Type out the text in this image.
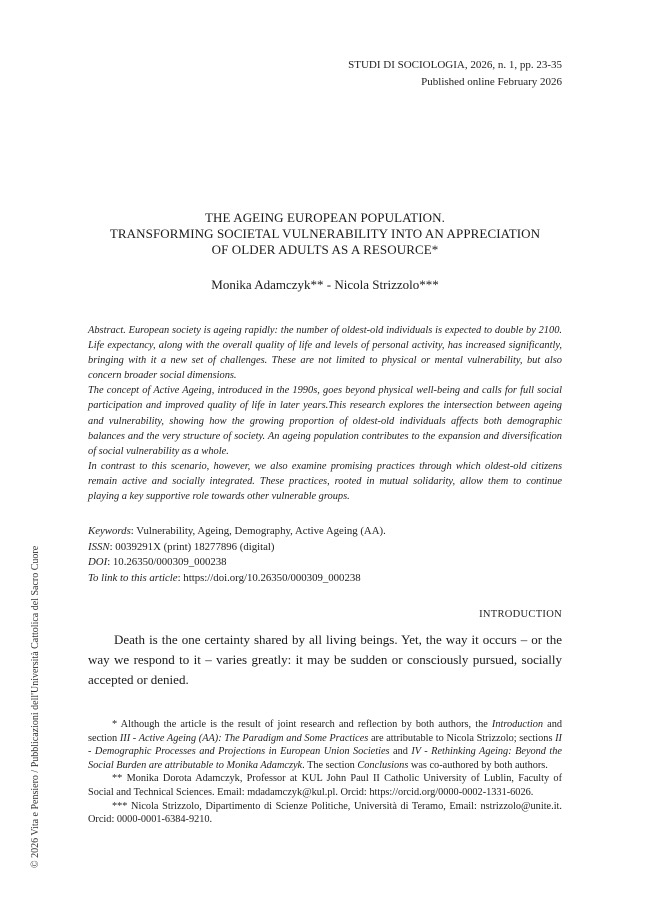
STUDI DI SOCIOLOGIA, 2026, n. 1, pp. 23-35
Published online February 2026
THE AGEING EUROPEAN POPULATION.
TRANSFORMING SOCIETAL VULNERABILITY INTO AN APPRECIATION
OF OLDER ADULTS AS A RESOURCE*
Monika Adamczyk** - Nicola Strizzolo***

Abstract. European society is ageing rapidly: the number of oldest-old individuals is expected to double by 2100. Life expectancy, along with the overall quality of life and levels of personal activity, has increased significantly, bringing with it a new set of challenges. These are not limited to physical or mental vulnerability, but also concern broader social dimensions.

The concept of Active Ageing, introduced in the 1990s, goes beyond physical well-being and calls for full social participation and improved quality of life in later years.This research explores the intersection between ageing and vulnerability, showing how the growing proportion of oldest-old individuals affects both demographic balances and the very structure of society. An ageing population contributes to the expansion and diversification of social vulnerability as a whole.

In contrast to this scenario, however, we also examine promising practices through which oldest-old citizens remain active and socially integrated. These practices, rooted in mutual solidarity, allow them to continue playing a key supportive role towards other vulnerable groups.

Keywords: Vulnerability, Ageing, Demography, Active Ageing (AA).
ISSN: 0039291X (print) 18277896 (digital)
DOI: 10.26350/000309_000238
To link to this article: https://doi.org/10.26350/000309_000238
INTRODUCTION

Death is the one certainty shared by all living beings. Yet, the way it occurs – or the way we respond to it – varies greatly: it may be sudden or consciously pursued, socially accepted or denied.

* Although the article is the result of joint research and reflection by both authors, the Introduction and section III - Active Ageing (AA): The Paradigm and Some Practices are attributable to Nicola Strizzolo; sections II - Demographic Processes and Projections in European Union Societies and IV - Rethinking Ageing: Beyond the Social Burden are attributable to Monika Adamczyk. The section Conclusions was co-authored by both authors.

** Monika Dorota Adamczyk, Professor at KUL John Paul II Catholic University of Lublin, Faculty of Social and Technical Sciences. Email: mdadamczyk@kul.pl. Orcid: https://orcid.org/0000-0002-1331-6026.

*** Nicola Strizzolo, Dipartimento di Scienze Politiche, Università di Teramo, Email: nstrizzolo@unite.it. Orcid: 0000-0001-6384-9210.

© 2026 Vita e Pensiero / Pubblicazioni dell'Università Cattolica del Sacro Cuore
